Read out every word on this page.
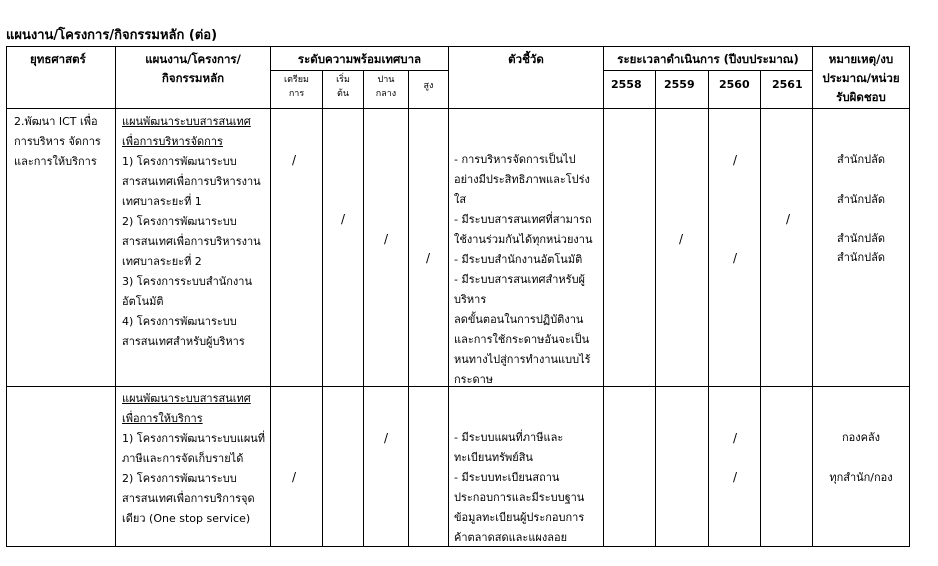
แผนงาน/โครงการ/กิจกรรมหลัก (ต่อ)
ยุทธศาสตร์	แผนงาน/โครงการ/
กิจกรรมหลัก
ระดับความพร้อมเทศบาล
เตรียม
การ
เริ่ม
ต้น
ปาน
กลาง
สูง
ตัวชี้วัด	ระยะเวลาดำเนินการ (ปีงบประมาณ)
2558 2559 2560 2561
หมายเหตุ/งบ
ประมาณ/หน่วย
รับผิดชอบ
2.พัฒนา ICT เพื่อ
การบริหาร จัดการ
และการให้บริการ
แผนพัฒนาระบบสารสนเทศ
เพื่อการบริหารจัดการ
1) โครงการพัฒนาระบบ
สารสนเทศเพื่อการบริหารงาน
เทศบาลระยะที่ 1
2) โครงการพัฒนาระบบ
สารสนเทศเพื่อการบริหารงาน
เทศบาลระยะที่ 2
3) โครงการระบบสำนักงาน
อัตโนมัติ
4) โครงการพัฒนาระบบ
สารสนเทศสำหรับผู้บริหาร
- การบริหารจัดการเป็นไป
อย่างมีประสิทธิภาพและโปร่ง
ใส
- มีระบบสารสนเทศที่สามารถ
ใช้งานร่วมกันได้ทุกหน่วยงาน
- มีระบบสำนักงานอัตโนมัติ
- มีระบบสารสนเทศสำหรับผู้
บริหาร
ลดขั้นตอนในการปฏิบัติงาน
และการใช้กระดาษอันจะเป็น
หนทางไปสู่การทำงานแบบไร้
กระดาษ
สำนักปลัด
สำนักปลัด
สำนักปลัด
สำนักปลัด
/
/
/
/
/
/
/
/
แผนพัฒนาระบบสารสนเทศ
เพื่อการให้บริการ
1) โครงการพัฒนาระบบแผนที่
ภาษีและการจัดเก็บรายได้
2) โครงการพัฒนาระบบ
สารสนเทศเพื่อการบริการจุด
เดียว (One stop service)
- มีระบบแผนที่ภาษีและ
ทะเบียนทรัพย์สิน
- มีระบบทะเบียนสถาน
ประกอบการและมีระบบฐาน
ข้อมูลทะเบียนผู้ประกอบการ
ค้าตลาดสดและแผงลอย
กองคลัง
ทุกสำนัก/กอง
/
/
/
/
